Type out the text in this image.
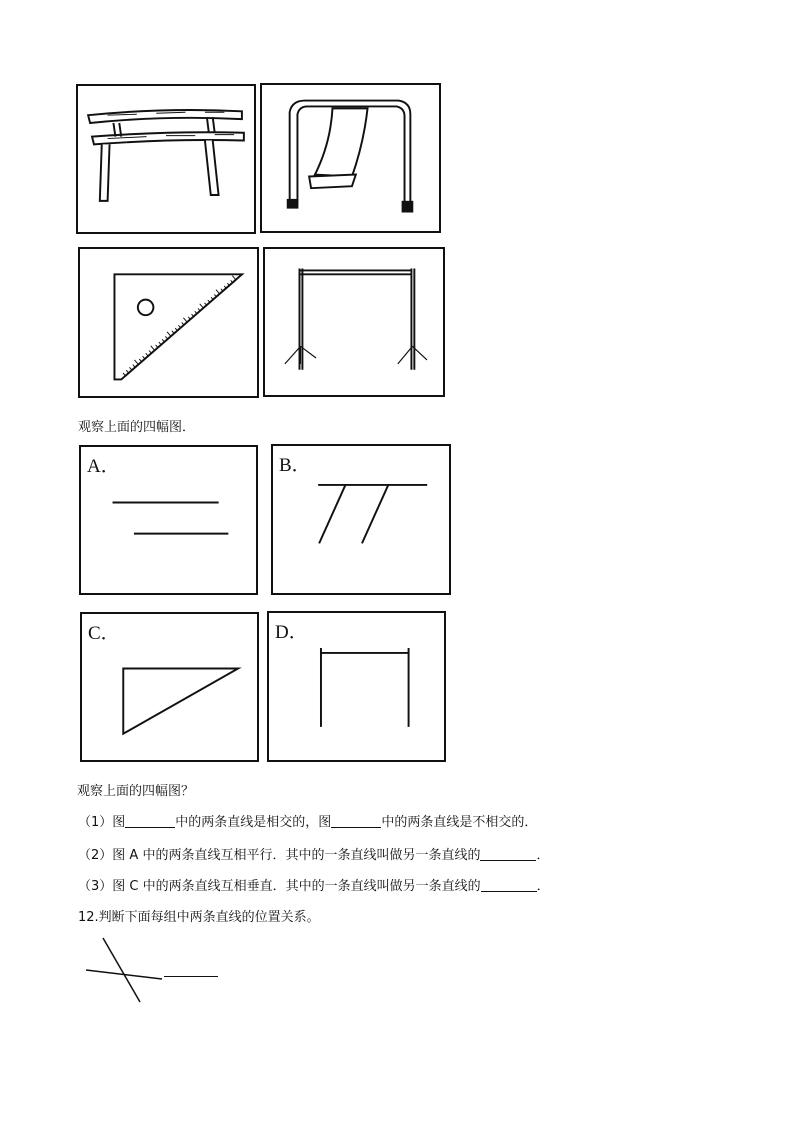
观察上面的四幅图．
A．	B．
C．	D．
观察上面的四幅图？
（1）图	中的两条直线是相交的，图	中的两条直线是不相交的．
（2）图 A 中的两条直线互相平行．其中的一条直线叫做另一条直线的	．
（3）图 C 中的两条直线互相垂直．其中的一条直线叫做另一条直线的	．
12.判断下面每组中两条直线的位置关系。
